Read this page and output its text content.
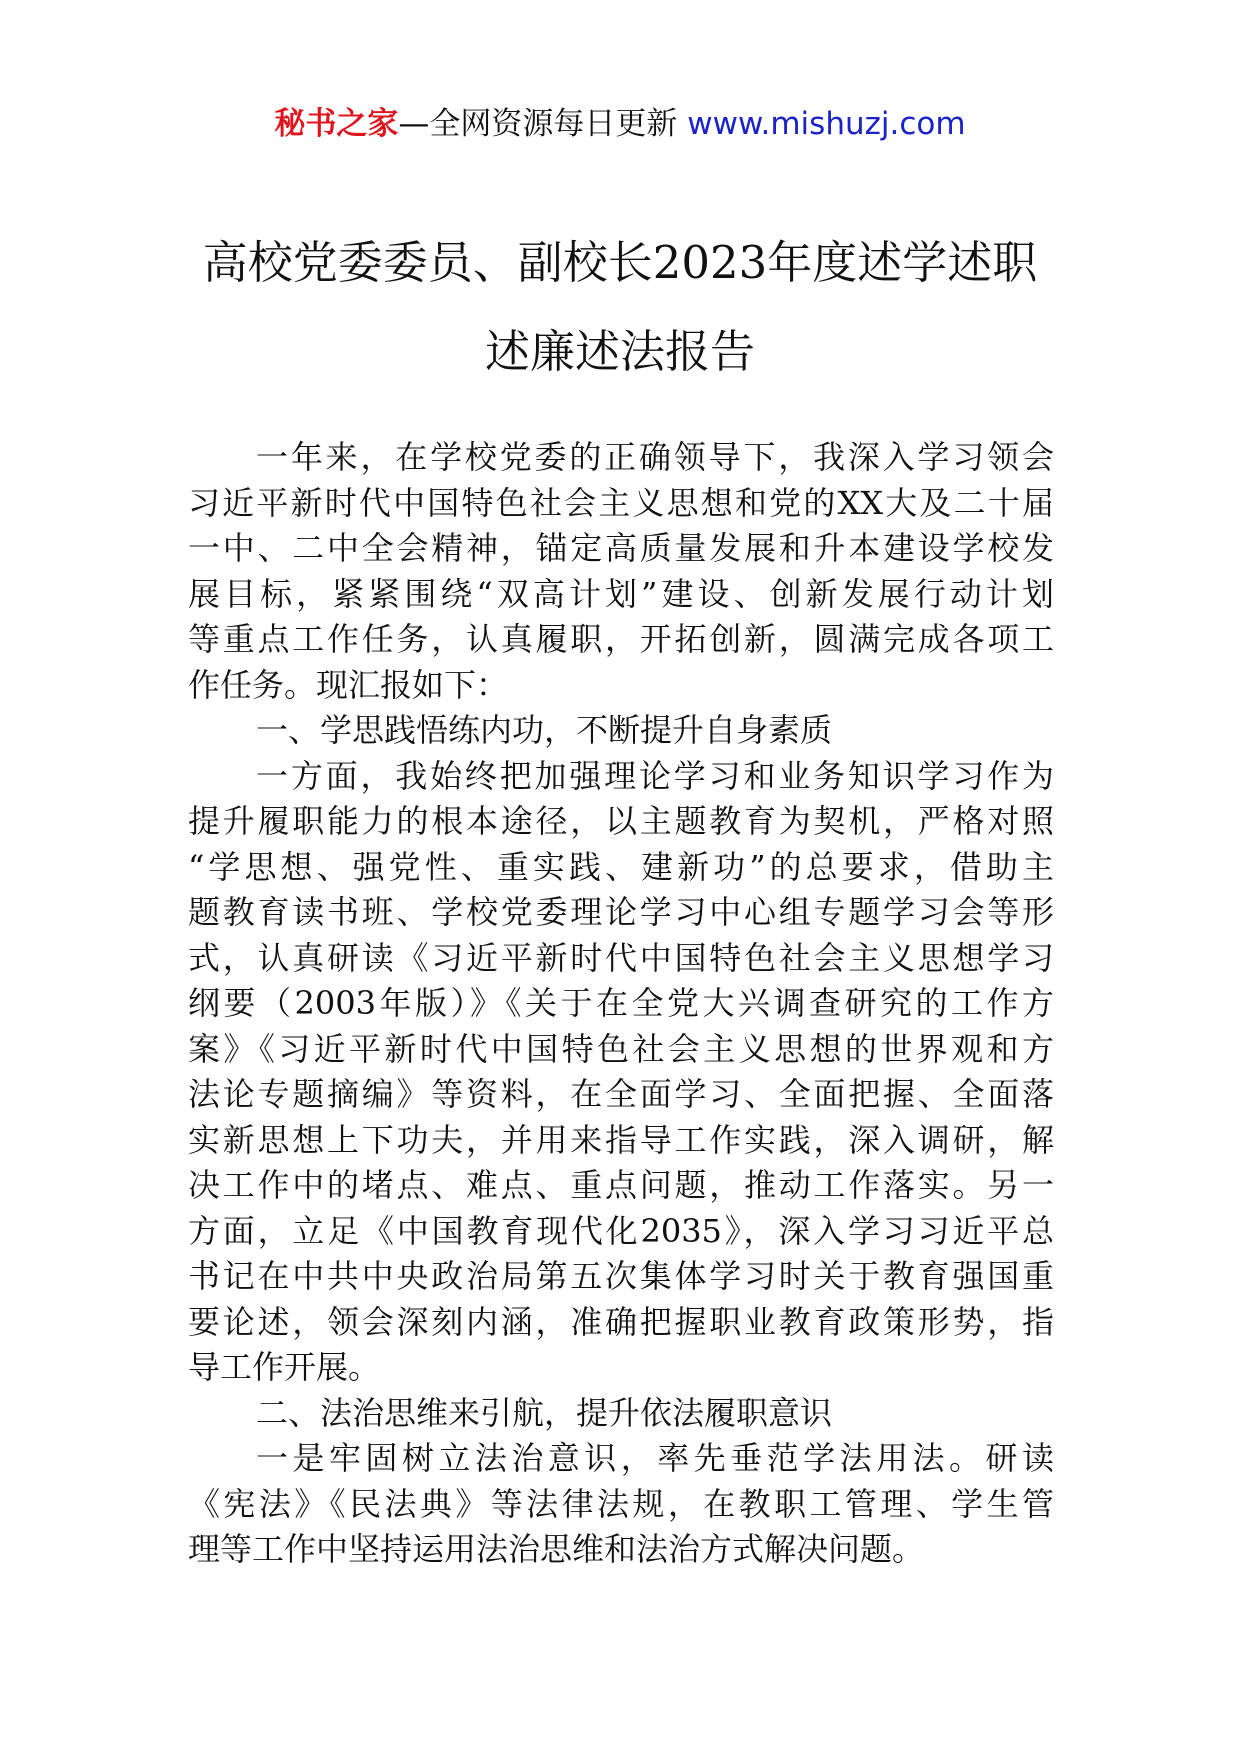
秘书之家—全网资源每日更新 www.mishuzj.com
高校党委委员、副校长2023年度述学述职
述廉述法报告
一年来，在学校党委的正确领导下，我深入学习领会
习近平新时代中国特色社会主义思想和党的XX大及二十届
一中、二中全会精神，锚定高质量发展和升本建设学校发
展目标，紧紧围绕“双高计划”建设、创新发展行动计划
等重点工作任务，认真履职，开拓创新，圆满完成各项工
作任务。现汇报如下：
一、学思践悟练内功，不断提升自身素质
一方面，我始终把加强理论学习和业务知识学习作为
提升履职能力的根本途径，以主题教育为契机，严格对照
“学思想、强党性、重实践、建新功”的总要求，借助主
题教育读书班、学校党委理论学习中心组专题学习会等形
式，认真研读《习近平新时代中国特色社会主义思想学习
纲要（2003年版）》《关于在全党大兴调查研究的工作方
案》《习近平新时代中国特色社会主义思想的世界观和方
法论专题摘编》等资料，在全面学习、全面把握、全面落
实新思想上下功夫，并用来指导工作实践，深入调研，解
决工作中的堵点、难点、重点问题，推动工作落实。另一
方面，立足《中国教育现代化2035》，深入学习习近平总
书记在中共中央政治局第五次集体学习时关于教育强国重
要论述，领会深刻内涵，准确把握职业教育政策形势，指
导工作开展。
二、法治思维来引航，提升依法履职意识
一是牢固树立法治意识，率先垂范学法用法。研读
《宪法》《民法典》等法律法规，在教职工管理、学生管
理等工作中坚持运用法治思维和法治方式解决问题。
